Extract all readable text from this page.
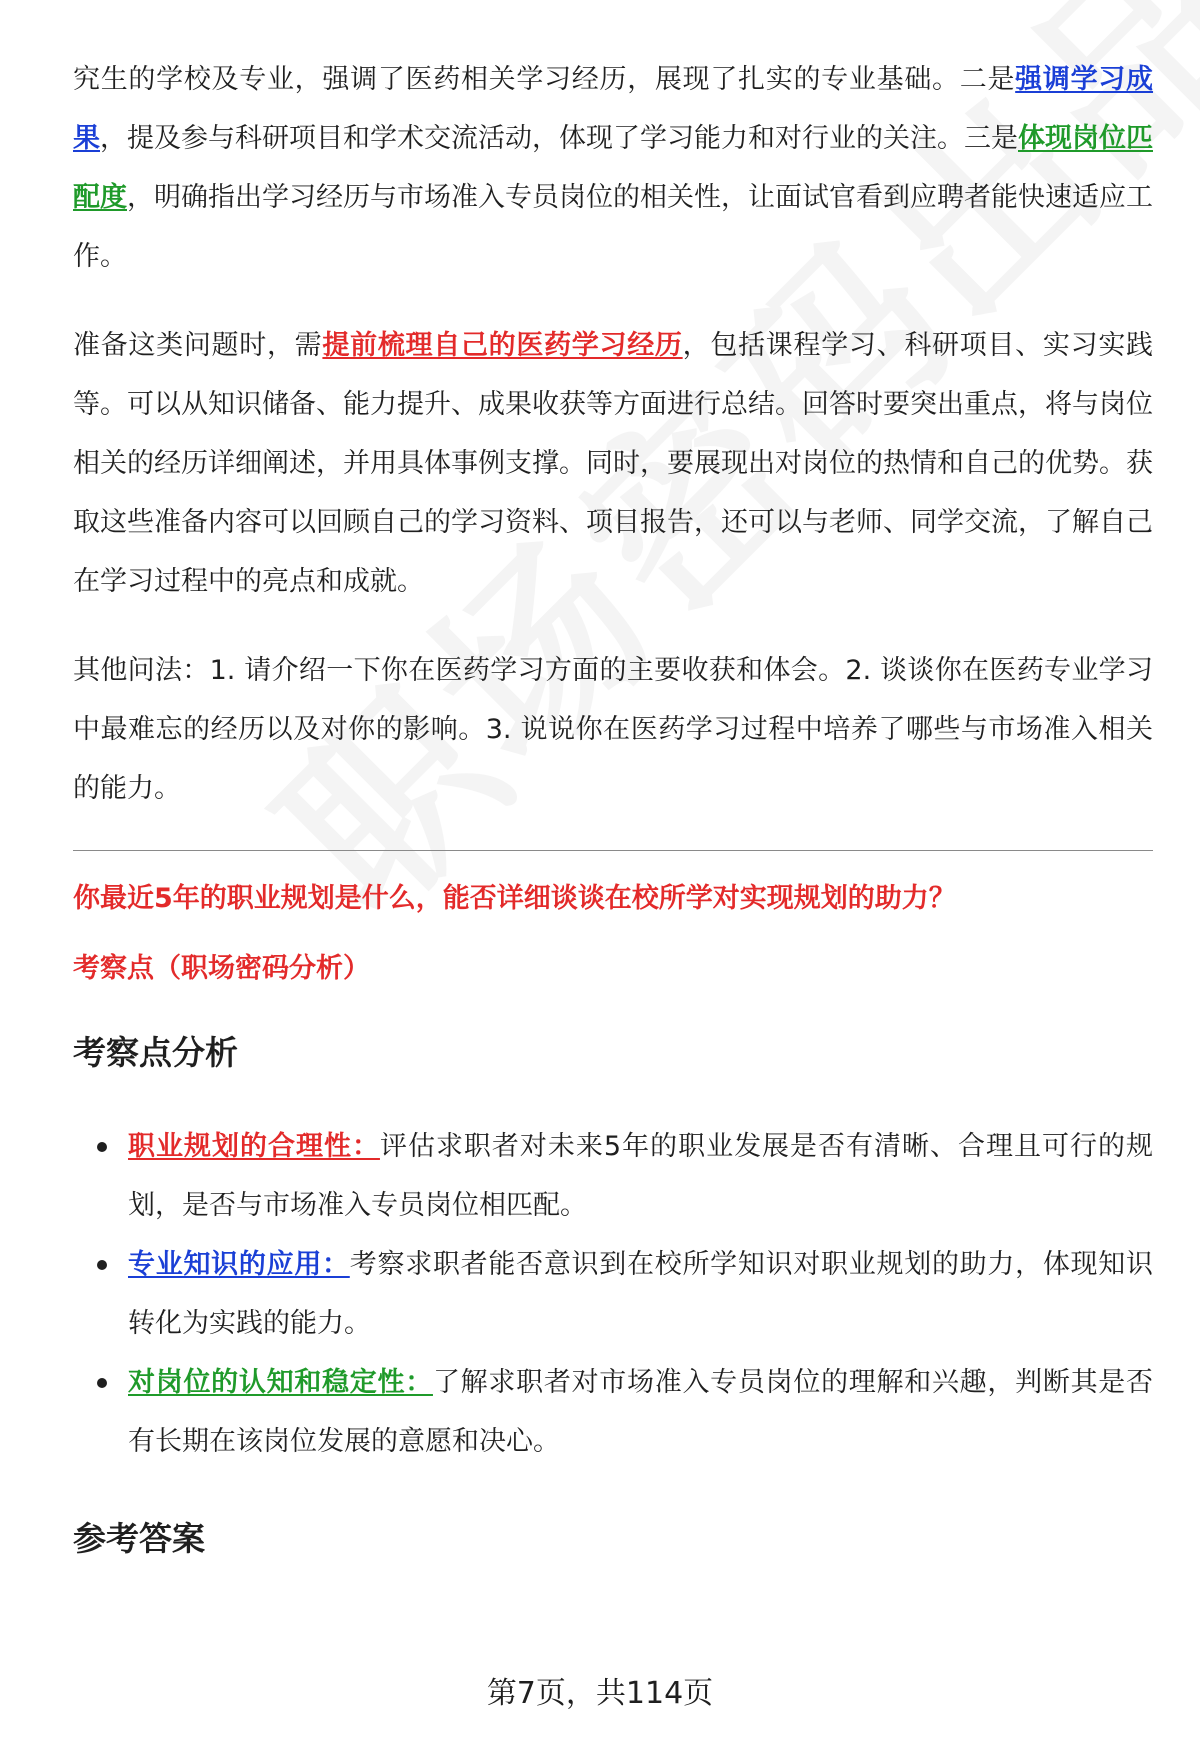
究生的学校及专业，强调了医药相关学习经历，展现了扎实的专业基础。二是强调学习成果，提及参与科研项目和学术交流活动，体现了学习能力和对行业的关注。三是体现岗位匹配度，明确指出学习经历与市场准入专员岗位的相关性，让面试官看到应聘者能快速适应工作。

准备这类问题时，需提前梳理自己的医药学习经历，包括课程学习、科研项目、实习实践等。可以从知识储备、能力提升、成果收获等方面进行总结。回答时要突出重点，将与岗位相关的经历详细阐述，并用具体事例支撑。同时，要展现出对岗位的热情和自己的优势。获取这些准备内容可以回顾自己的学习资料、项目报告，还可以与老师、同学交流，了解自己在学习过程中的亮点和成就。

其他问法：1. 请介绍一下你在医药学习方面的主要收获和体会。2. 谈谈你在医药专业学习中最难忘的经历以及对你的影响。3. 说说你在医药学习过程中培养了哪些与市场准入相关的能力。

你最近5年的职业规划是什么，能否详细谈谈在校所学对实现规划的助力？
考察点（职场密码分析）
考察点分析
职业规划的合理性：评估求职者对未来5年的职业发展是否有清晰、合理且可行的规划，是否与市场准入专员岗位相匹配。
专业知识的应用：考察求职者能否意识到在校所学知识对职业规划的助力，体现知识转化为实践的能力。
对岗位的认知和稳定性：了解求职者对市场准入专员岗位的理解和兴趣，判断其是否有长期在该岗位发展的意愿和决心。
参考答案
第7页，共114页
